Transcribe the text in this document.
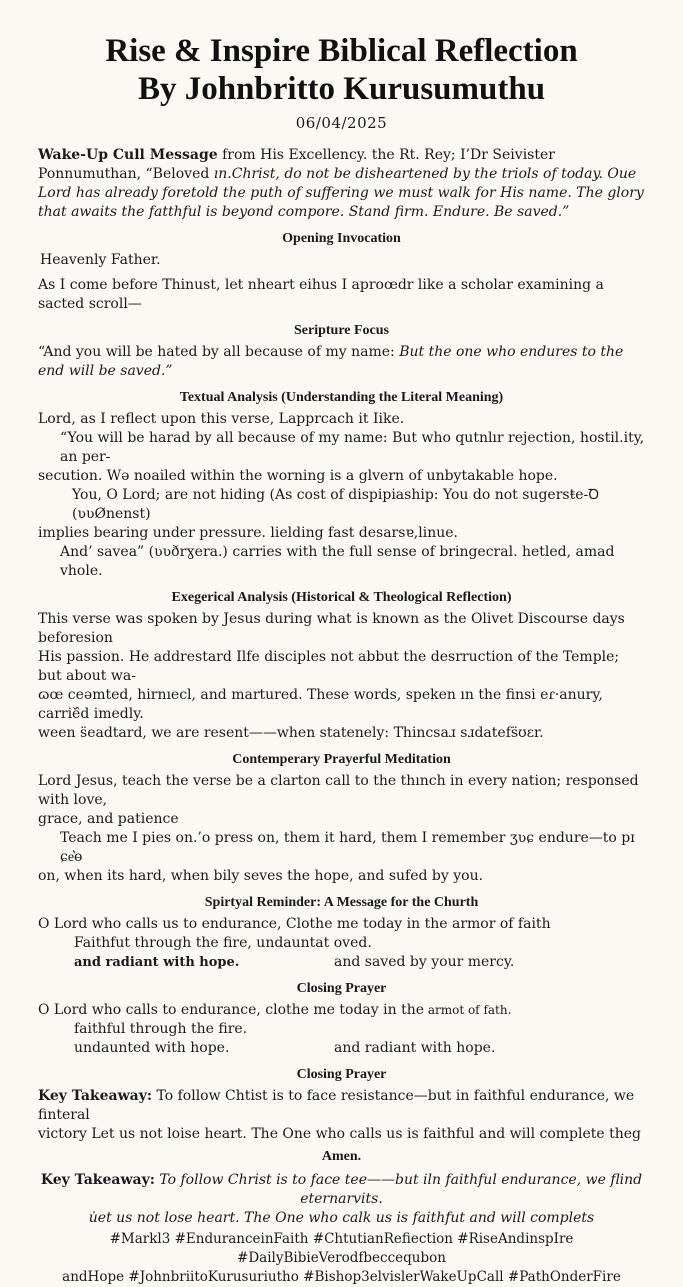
Rise & Inspire Biblical Reflection
By Johnbritto Kurusumuthu
06/04/2025

Wake-Up Cull Message from His Excellency. the Rt. Rey; I’Dr Seivister Ponnumuthan, “Beloved ın.Christ, do not be disheartened by the triols of today. Oue Lord has already foretold the puth of suffering we must walk for His name. The glory that awaits the fatthful is beyond compore. Stand firm. Endure. Be saved.”

Opening Invocation

Heavenly Father.

As I come before Thinust, let nheart eihus I aproœdr like a scholar examining a sacted scroll—

Seripture Focus

“And you will be hated by all because of my name: But the one who endures to the end will be saved.”

Textual Analysis (Understanding the Literal Meaning)

Lord, as I reflect upon this verse, Lapprcach it Iike.

“You will be harad by all because of my name: But who qutnlır rejection, hostil.ity, an per-

secution. Wə noailed within the worning is a glvern of unbytakable hope.

You, O Lord; are not hiding (As cost of dispipiaship: You do not sugersŧe-Ꝺ (ʋʋØnenst)

implies bearing under pressure. lielding fast desarsɐ,linue.

And’ savea” (ʋʋðrɣera.) carries with the full sense of bringecral. hetled, amad vhole.

Exegerical Analysis (Historical & Theological Reflection)

This verse was spoken by Jesus during what is known as the Olivet Discourse days beforesion

His passion. He addrestard Ilfe disciples not abbut the desrruction of the Temple; but about wa-

ɷœ ceəmted, hirnıecl, and martured. These words, speken ın the finsi eɾ·anury, carrie᷈d imedly.

ween s̈eadtard, we are resent——when statenely: Thincsaɹ sɹdatefs̈ʊɛr.

Contemperary Prayerful Meditation

Lord Jesus, teach the verse be a clarton call to the thınch in every nation; responsed with love,

grace, and patience

Teach me I pies on.’o press on, them it hard, them I remember ʒʋɕ endure—to pɪ ɕe͛ɵ

on, when its hard, when bily seves the hope, and sufed by you.

Spirtyal Reminder: A Message for the Churth

O Lord who calls us to endurance, Clothe me today in the armor of faith

Faithfut through the fire, undauntat oved.

and radiant with hope.	and saved by your mercy.

Closing Prayer

O Lord who calls to endurance, clothe me today in the armot of fath.

faithful through the fire.

undaunted with hope.	and radiant with hope.

Closing Prayer

Key Takeaway: To follow Chtist is to face resistance—but in faithful endurance, we finteral

victory Let us not loise heart. The One who calls us is faithful and will complete theg

Amen.

Key Takeaway: To follow Christ is to face tee——but iln faithful endurance, we flind eternarvits.

u̇et us not lose heart. The One who calk us is faithfut and will complets

#Markl3 #EnduranceinFaith #ChtutianRefiection #RiseAndinspIre #DailyBibieVerodfbeccequbon
andHope #JohnbriitoKurusuriutho #Bishop3elvislerWakeUpCall #PathOnderFire
